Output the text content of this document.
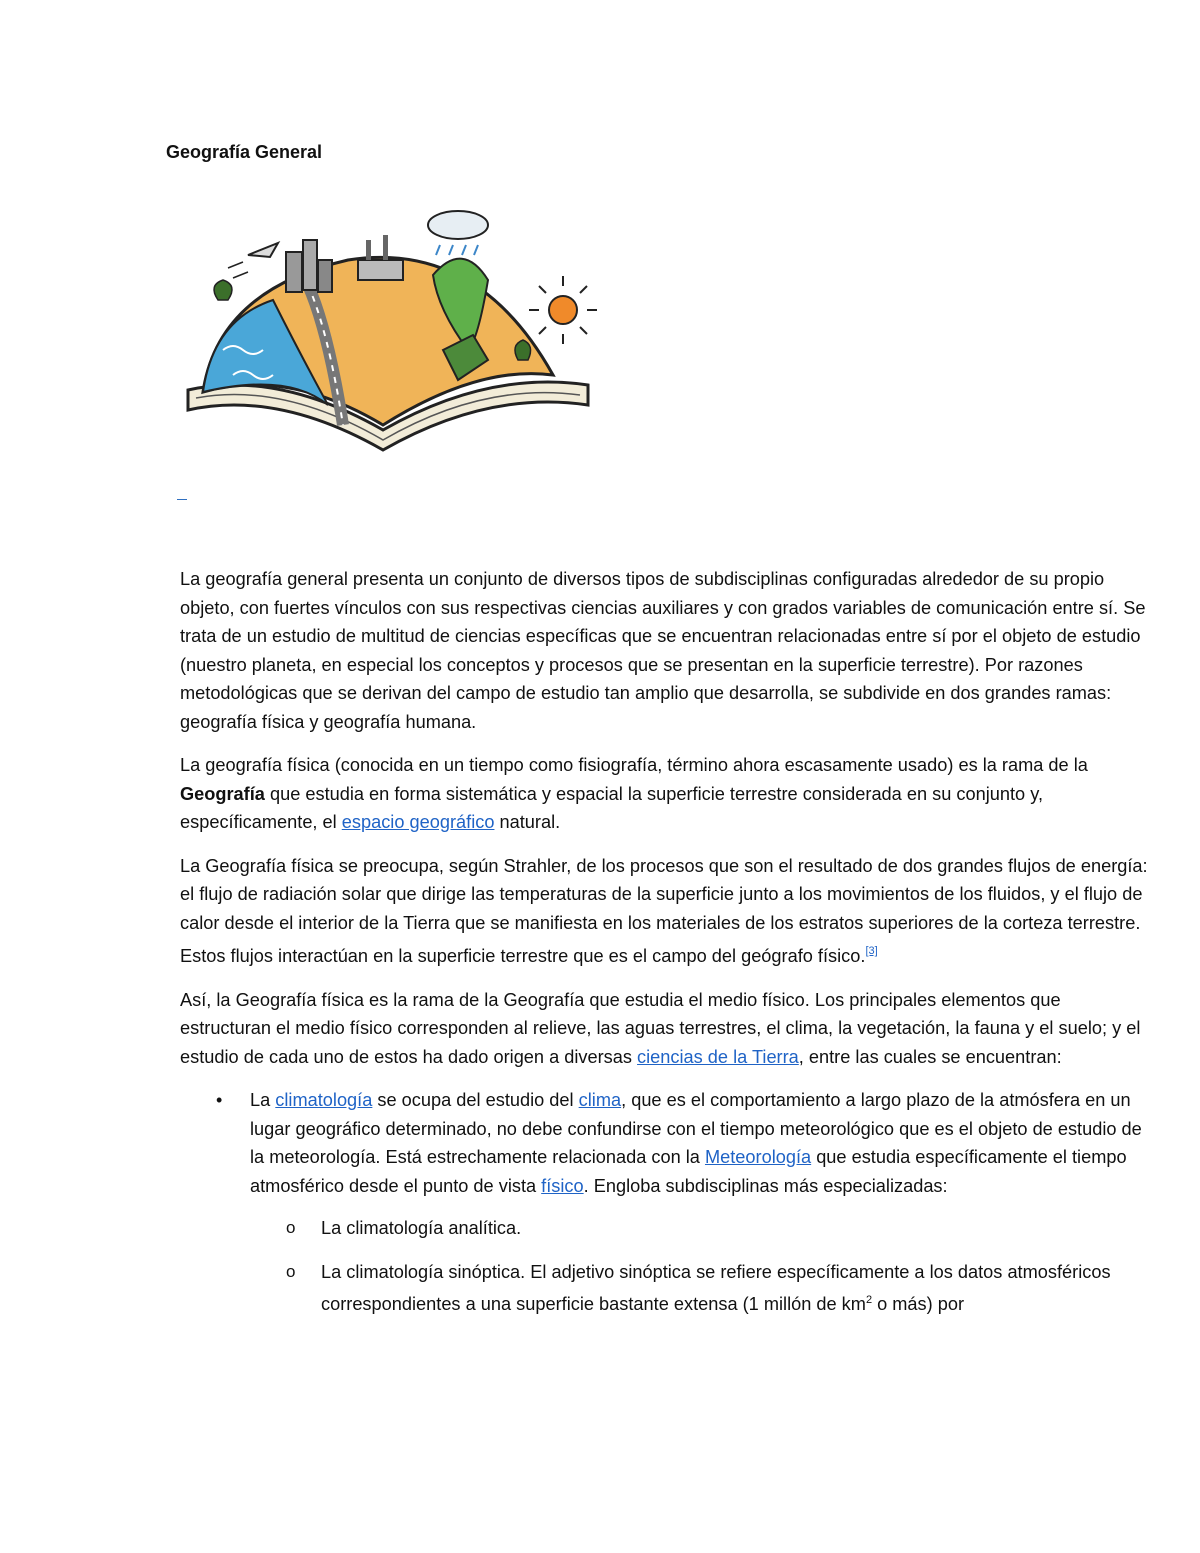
Geografía General

La geografía general presenta un conjunto de diversos tipos de subdisciplinas configuradas alrededor de su propio objeto, con fuertes vínculos con sus respectivas ciencias auxiliares y con grados variables de comunicación entre sí. Se trata de un estudio de multitud de ciencias específicas que se encuentran relacionadas entre sí por el objeto de estudio (nuestro planeta, en especial los conceptos y procesos que se presentan en la superficie terrestre). Por razones metodológicas que se derivan del campo de estudio tan amplio que desarrolla, se subdivide en dos grandes ramas: geografía física y geografía humana.

La geografía física (conocida en un tiempo como fisiografía, término ahora escasamente usado) es la rama de la Geografía que estudia en forma sistemática y espacial la superficie terrestre considerada en su conjunto y, específicamente, el espacio geográfico natural.

La Geografía física se preocupa, según Strahler, de los procesos que son el resultado de dos grandes flujos de energía: el flujo de radiación solar que dirige las temperaturas de la superficie junto a los movimientos de los fluidos, y el flujo de calor desde el interior de la Tierra que se manifiesta en los materiales de los estratos superiores de la corteza terrestre. Estos flujos interactúan en la superficie terrestre que es el campo del geógrafo físico.[3]

Así, la Geografía física es la rama de la Geografía que estudia el medio físico. Los principales elementos que estructuran el medio físico corresponden al relieve, las aguas terrestres, el clima, la vegetación, la fauna y el suelo; y el estudio de cada uno de estos ha dado origen a diversas ciencias de la Tierra, entre las cuales se encuentran:

• La climatología se ocupa del estudio del clima, que es el comportamiento a largo plazo de la atmósfera en un lugar geográfico determinado, no debe confundirse con el tiempo meteorológico que es el objeto de estudio de la meteorología. Está estrechamente relacionada con la Meteorología que estudia específicamente el tiempo atmosférico desde el punto de vista físico. Engloba subdisciplinas más especializadas:
o La climatología analítica.
o La climatología sinóptica. El adjetivo sinóptica se refiere específicamente a los datos atmosféricos correspondientes a una superficie bastante extensa (1 millón de $km^2$ o más) por
